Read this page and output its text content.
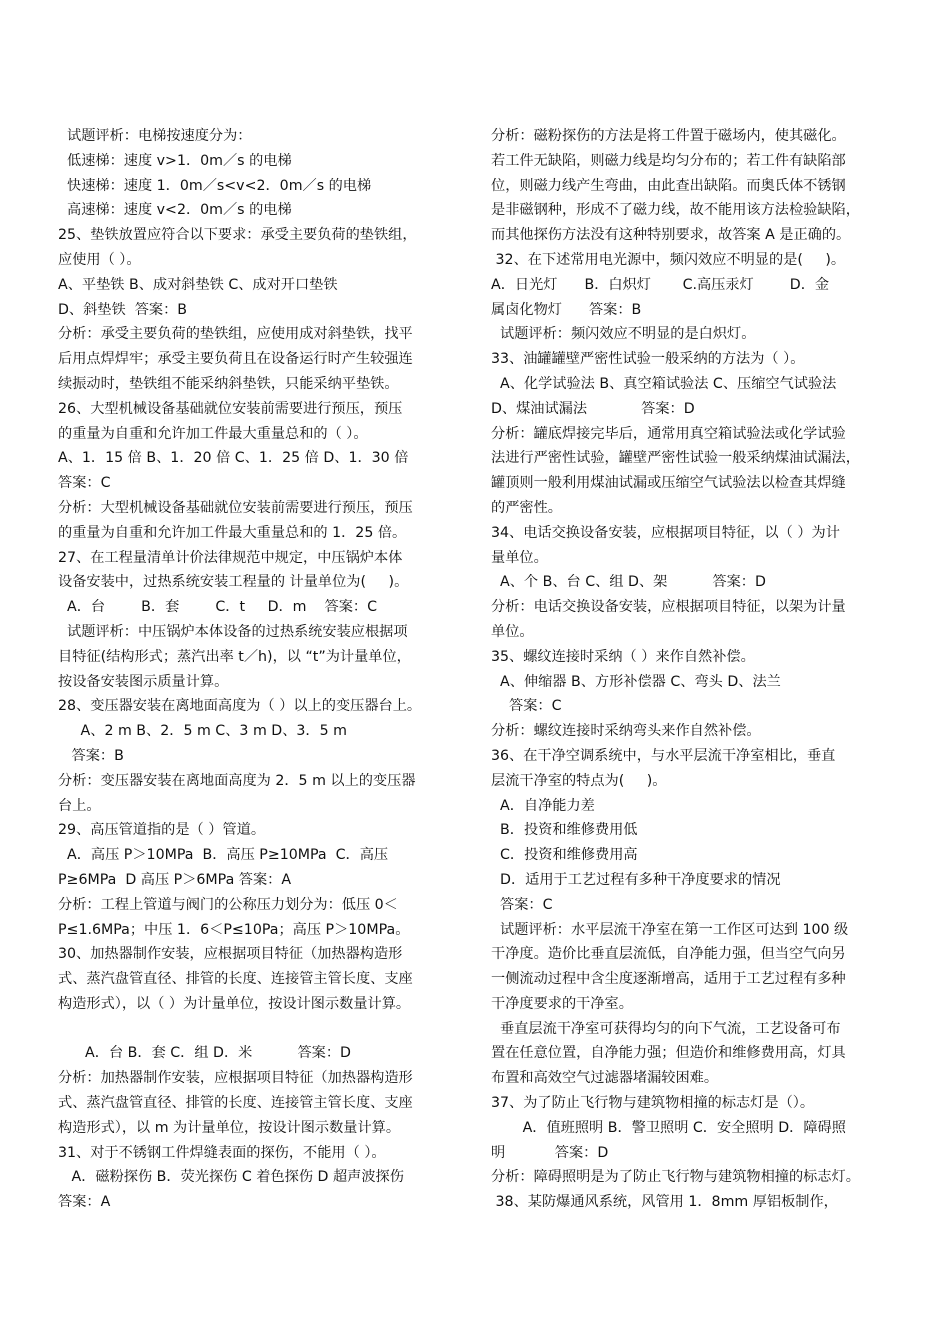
试题评析：电梯按速度分为：
低速梯：速度 v>1．0m／s 的电梯
快速梯：速度 1．0m／s<v<2．0m／s 的电梯
高速梯：速度 v<2．0m／s 的电梯
25、垫铁放置应符合以下要求：承受主要负荷的垫铁组，
应使用（ ）。
A、平垫铁 B、成对斜垫铁 C、成对开口垫铁
D、斜垫铁  答案：B
分析：承受主要负荷的垫铁组，应使用成对斜垫铁，找平
后用点焊焊牢；承受主要负荷且在设备运行时产生较强连
续振动时，垫铁组不能采纳斜垫铁，只能采纳平垫铁。
26、大型机械设备基础就位安装前需要进行预压，预压
的重量为自重和允许加工件最大重量总和的（ ）。
A、1．15 倍 B、1．20 倍 C、1．25 倍 D、1．30 倍
答案：C
分析：大型机械设备基础就位安装前需要进行预压，预压
的重量为自重和允许加工件最大重量总和的 1．25 倍。
27、在工程量清单计价法律规范中规定，中压锅炉本体
设备安装中，过热系统安装工程量的 计量单位为(     )。
A．台        B．套        C．t     D．m    答案：C
试题评析：中压锅炉本体设备的过热系统安装应根据项
目特征(结构形式；蒸汽出率 t／h)，以 “t”为计量单位，
按设备安装图示质量计算。
28、变压器安装在离地面高度为（ ）以上的变压器台上。
A、2 m B、2．5 m C、3 m D、3．5 m
答案：B
分析：变压器安装在离地面高度为 2．5 m 以上的变压器
台上。
29、高压管道指的是（ ）管道。
A．高压 P＞10MPa  B．高压 P≥10MPa  C．高压
P≥6MPa  D 高压 P＞6MPa 答案：A
分析：工程上管道与阀门的公称压力划分为：低压 0＜
P≤1.6MPa；中压 1．6＜P≤10Pa；高压 P＞10MPa。
30、加热器制作安装，应根据项目特征（加热器构造形
式、蒸汽盘管直径、排管的长度、连接管主管长度、支座
构造形式），以（ ）为计量单位，按设计图示数量计算。
A．台 B．套 C．组 D．米          答案：D
分析：加热器制作安装，应根据项目特征（加热器构造形
式、蒸汽盘管直径、排管的长度、连接管主管长度、支座
构造形式），以 m 为计量单位，按设计图示数量计算。
31、对于不锈钢工件焊缝表面的探伤，不能用（ ）。
A．磁粉探伤 B．荧光探伤 C 着色探伤 D 超声波探伤
答案：A
分析：磁粉探伤的方法是将工件置于磁场内，使其磁化。
若工件无缺陷，则磁力线是均匀分布的；若工件有缺陷部
位，则磁力线产生弯曲，由此查出缺陷。而奥氏体不锈钢
是非磁钢种，形成不了磁力线，故不能用该方法检验缺陷，
而其他探伤方法没有这种特别要求，故答案 A 是正确的。
32、在下述常用电光源中，频闪效应不明显的是(     )。
A．日光灯      B．白炽灯       C.高压汞灯        D．金
属卤化物灯      答案：B
试题评析：频闪效应不明显的是白炽灯。
33、油罐罐壁严密性试验一般采纳的方法为（ ）。
A、化学试验法 B、真空箱试验法 C、压缩空气试验法
D、煤油试漏法            答案：D
分析：罐底焊接完毕后，通常用真空箱试验法或化学试验
法进行严密性试验，罐壁严密性试验一般采纳煤油试漏法，
罐顶则一般利用煤油试漏或压缩空气试验法以检查其焊缝
的严密性。
34、电话交换设备安装，应根据项目特征，以（ ）为计
量单位。
A、个 B、台 C、组 D、架          答案：D
分析：电话交换设备安装，应根据项目特征，以架为计量
单位。
35、螺纹连接时采纳（ ）来作自然补偿。
A、伸缩器 B、方形补偿器 C、弯头 D、法兰
答案：C
分析：螺纹连接时采纳弯头来作自然补偿。
36、在干净空调系统中，与水平层流干净室相比，垂直
层流干净室的特点为(     )。
A．自净能力差
B．投资和维修费用低
C．投资和维修费用高
D．适用于工艺过程有多种干净度要求的情况
答案：C
试题评析：水平层流干净室在第一工作区可达到 100 级
干净度。造价比垂直层流低，自净能力强，但当空气向另
一侧流动过程中含尘度逐渐增高，适用于工艺过程有多种
干净度要求的干净室。
垂直层流干净室可获得均匀的向下气流，工艺设备可布
置在任意位置，自净能力强；但造价和维修费用高，灯具
布置和高效空气过滤器堵漏较困难。
37、为了防止飞行物与建筑物相撞的标志灯是（）。
A．值班照明 B．警卫照明 C．安全照明 D．障碍照
明           答案：D
分析：障碍照明是为了防止飞行物与建筑物相撞的标志灯。
38、某防爆通风系统，风管用 1．8mm 厚铝板制作，
